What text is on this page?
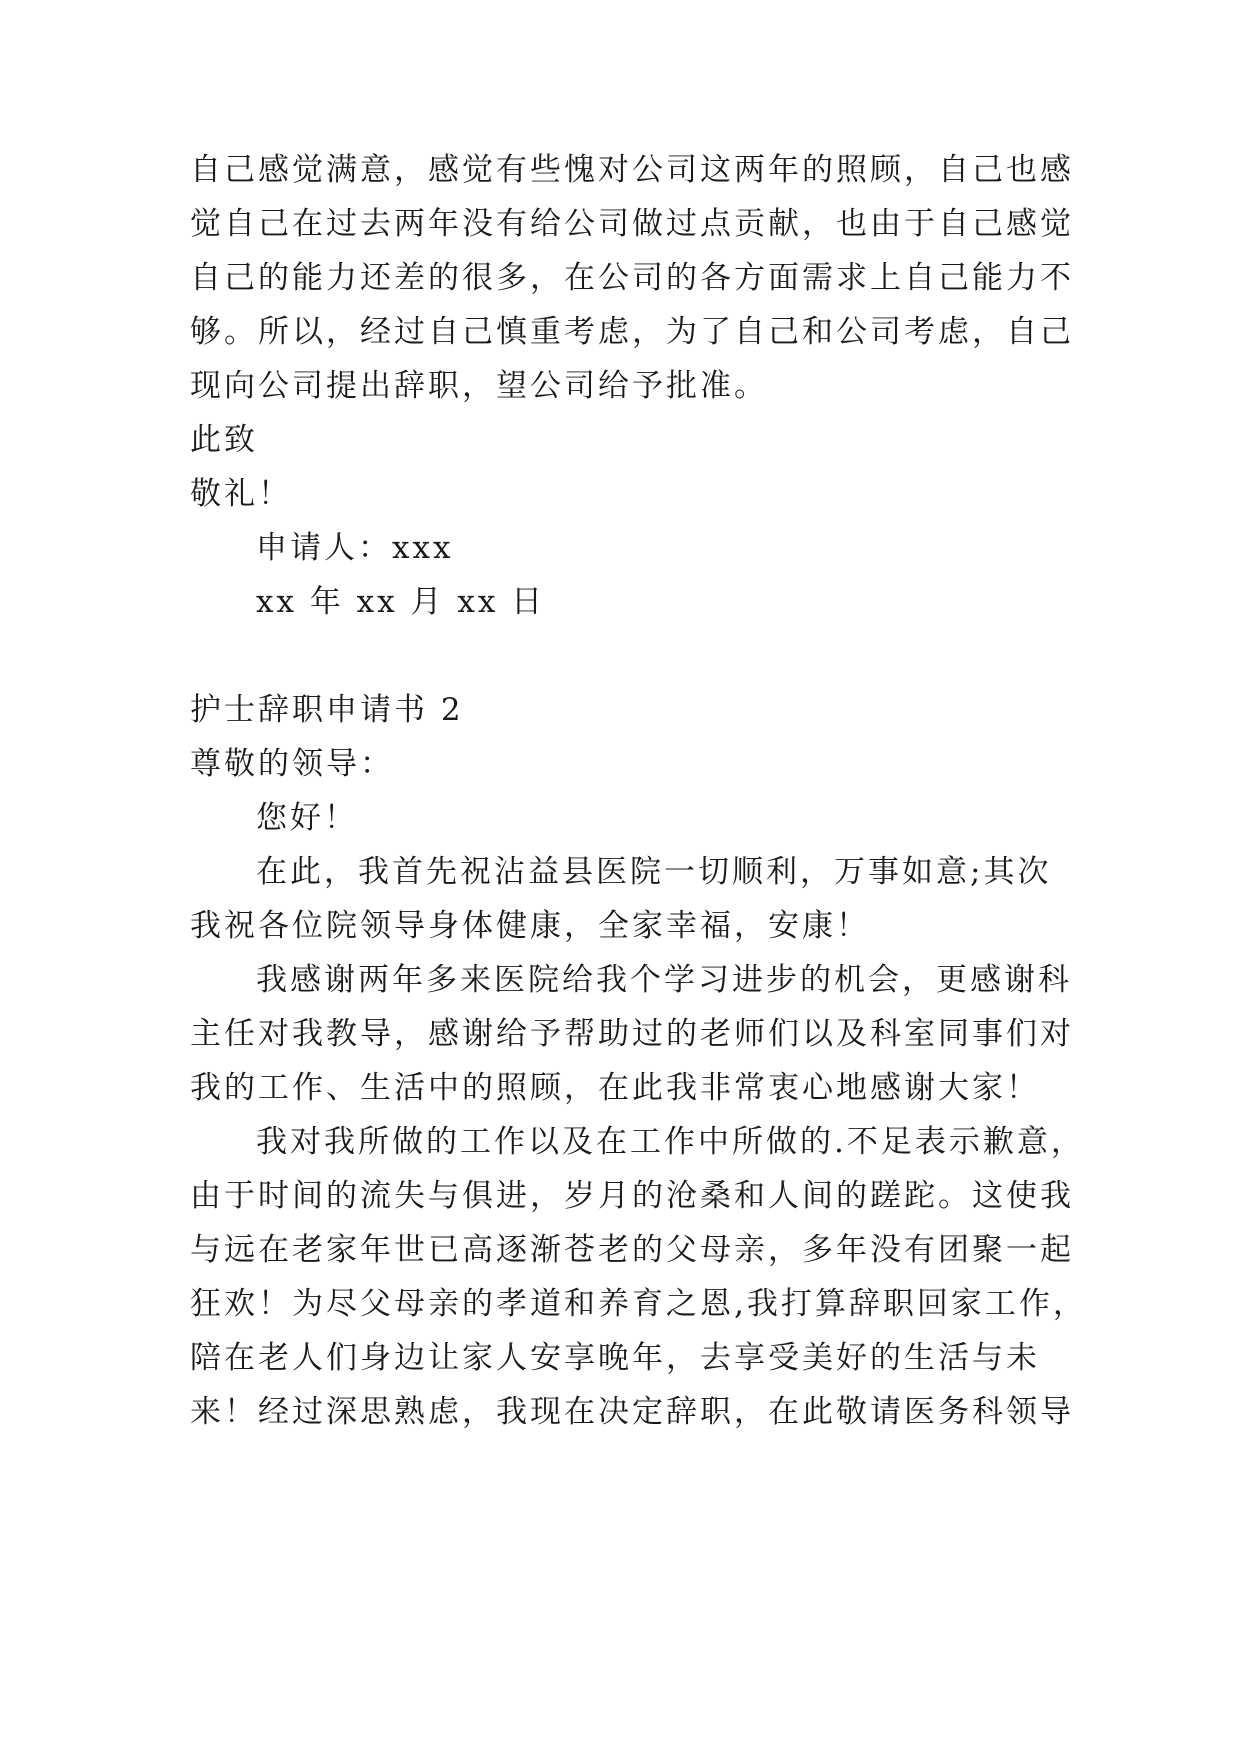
自己感觉满意，感觉有些愧对公司这两年的照顾，自己也感
觉自己在过去两年没有给公司做过点贡献，也由于自己感觉
自己的能力还差的很多，在公司的各方面需求上自己能力不
够。所以，经过自己慎重考虑，为了自己和公司考虑，自己
现向公司提出辞职，望公司给予批准。
此致
敬礼！
申请人：xxx
xx 年 xx 月 xx 日
护士辞职申请书 2
尊敬的领导：
您好！
在此，我首先祝沾益县医院一切顺利，万事如意;其次
我祝各位院领导身体健康，全家幸福，安康！
我感谢两年多来医院给我个学习进步的机会，更感谢科
主任对我教导，感谢给予帮助过的老师们以及科室同事们对
我的工作、生活中的照顾，在此我非常衷心地感谢大家！
我对我所做的工作以及在工作中所做的.不足表示歉意，
由于时间的流失与俱进，岁月的沧桑和人间的蹉跎。这使我
与远在老家年世已高逐渐苍老的父母亲，多年没有团聚一起
狂欢！为尽父母亲的孝道和养育之恩,我打算辞职回家工作，
陪在老人们身边让家人安享晚年，去享受美好的生活与未
来！经过深思熟虑，我现在决定辞职，在此敬请医务科领导
